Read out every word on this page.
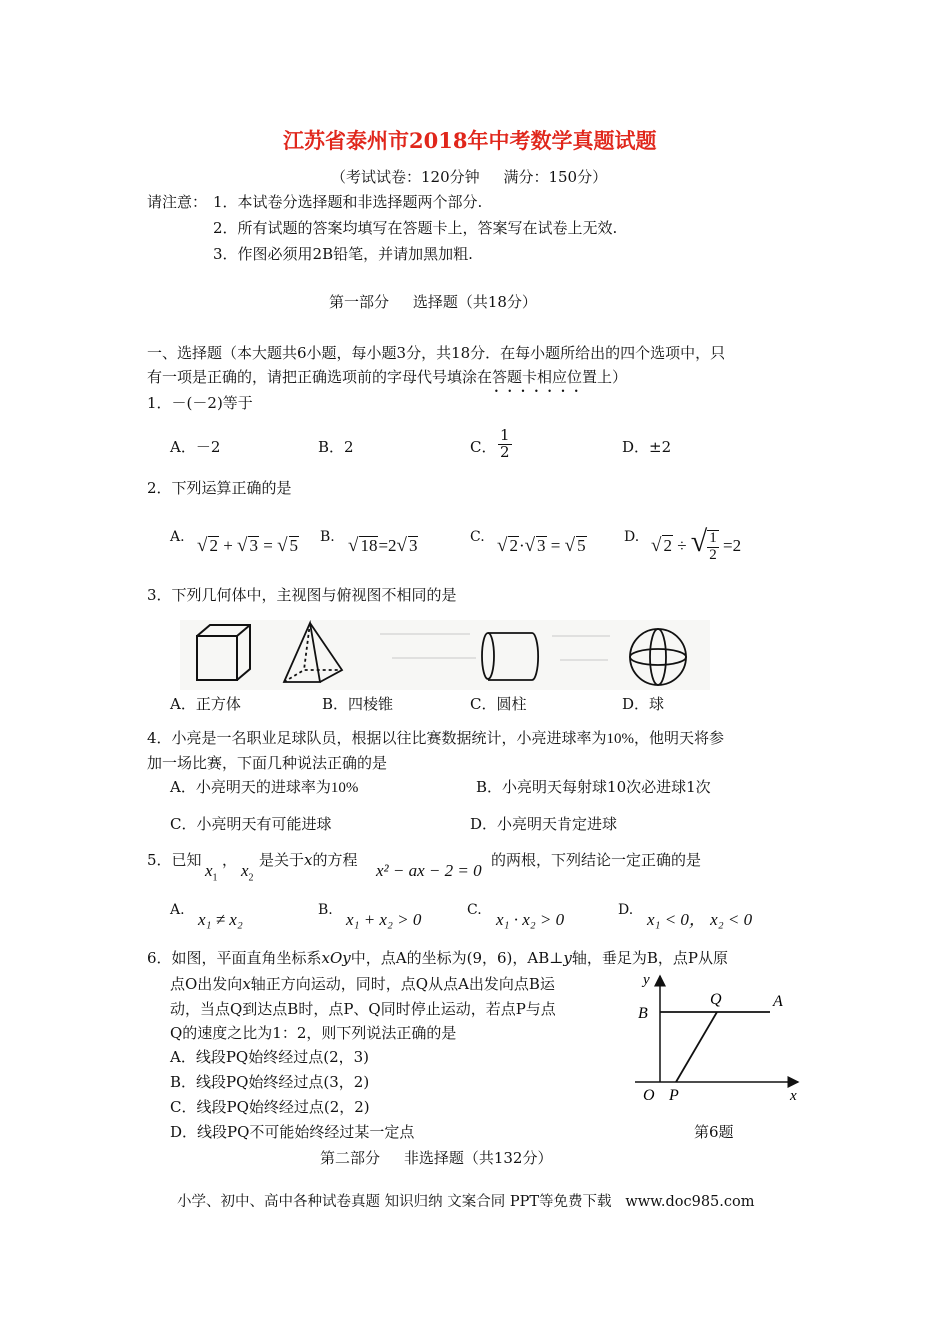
江苏省泰州市2018年中考数学真题试题
（考试试卷：120分钟     满分：150分）
请注意： 1．本试卷分选择题和非选择题两个部分.
2．所有试题的答案均填写在答题卡上，答案写在试卷上无效.
3．作图必须用2B铅笔，并请加黑加粗.
第一部分     选择题（共18分）
一、选择题（本大题共6小题，每小题3分，共18分．在每小题所给出的四个选项中，只
有一项是正确的，请把正确选项前的字母代号填涂在答题卡相应位置 •••••••上）
1．－(－2)等于
A．－2	B．2	C． $\frac{1}{2}$	D．±2
2．下列运算正确的是
A. √ 2 + √ 3 = √ 5 B. √ 18=2√ 3	C. √ 2·√ 3 = √ 5	D. √ 2 ÷ √ $\frac{1}{2} =2$
3．下列几何体中，主视图与俯视图不相同的是
A．正方体	B．四棱锥	C．圆柱	D．球
4．小亮是一名职业足球队员，根据以往比赛数据统计，小亮进球率为10%，他明天将参
加一场比赛，下面几种说法正确的是
A．小亮明天的进球率为10%	B．小亮明天每射球10次必进球1次
C．小亮明天有可能进球	D．小亮明天肯定进球
5．已知
$x_1$
，
$x_2$
是关于x的方程
x² − ax − 2 = 0
的两根，下列结论一定正确的是
A. x₁ ≠ x₂	B. x₁ + x₂ > 0	C. x₁ · x₂ > 0	D. x₁ < 0， x₂ < 0
6．如图，平面直角坐标系xOy中，点A的坐标为(9，6)，AB⊥y轴，垂足为B，点P从原
点O出发向x轴正方向运动，同时，点Q从点A出发向点B运
动，当点Q到达点B时，点P、Q同时停止运动，若点P与点
Q的速度之比为1：2，则下列说法正确的是
A．线段PQ始终经过点(2，3)
B．线段PQ始终经过点(3，2)
C．线段PQ始终经过点(2，2)
D．线段PQ不可能始终经过某一定点
y
B
Q	A
O P	x
第6题
第二部分     非选择题（共132分）
小学、初中、高中各种试卷真题 知识归纳 文案合同 PPT等免费下载   www.doc985.com
